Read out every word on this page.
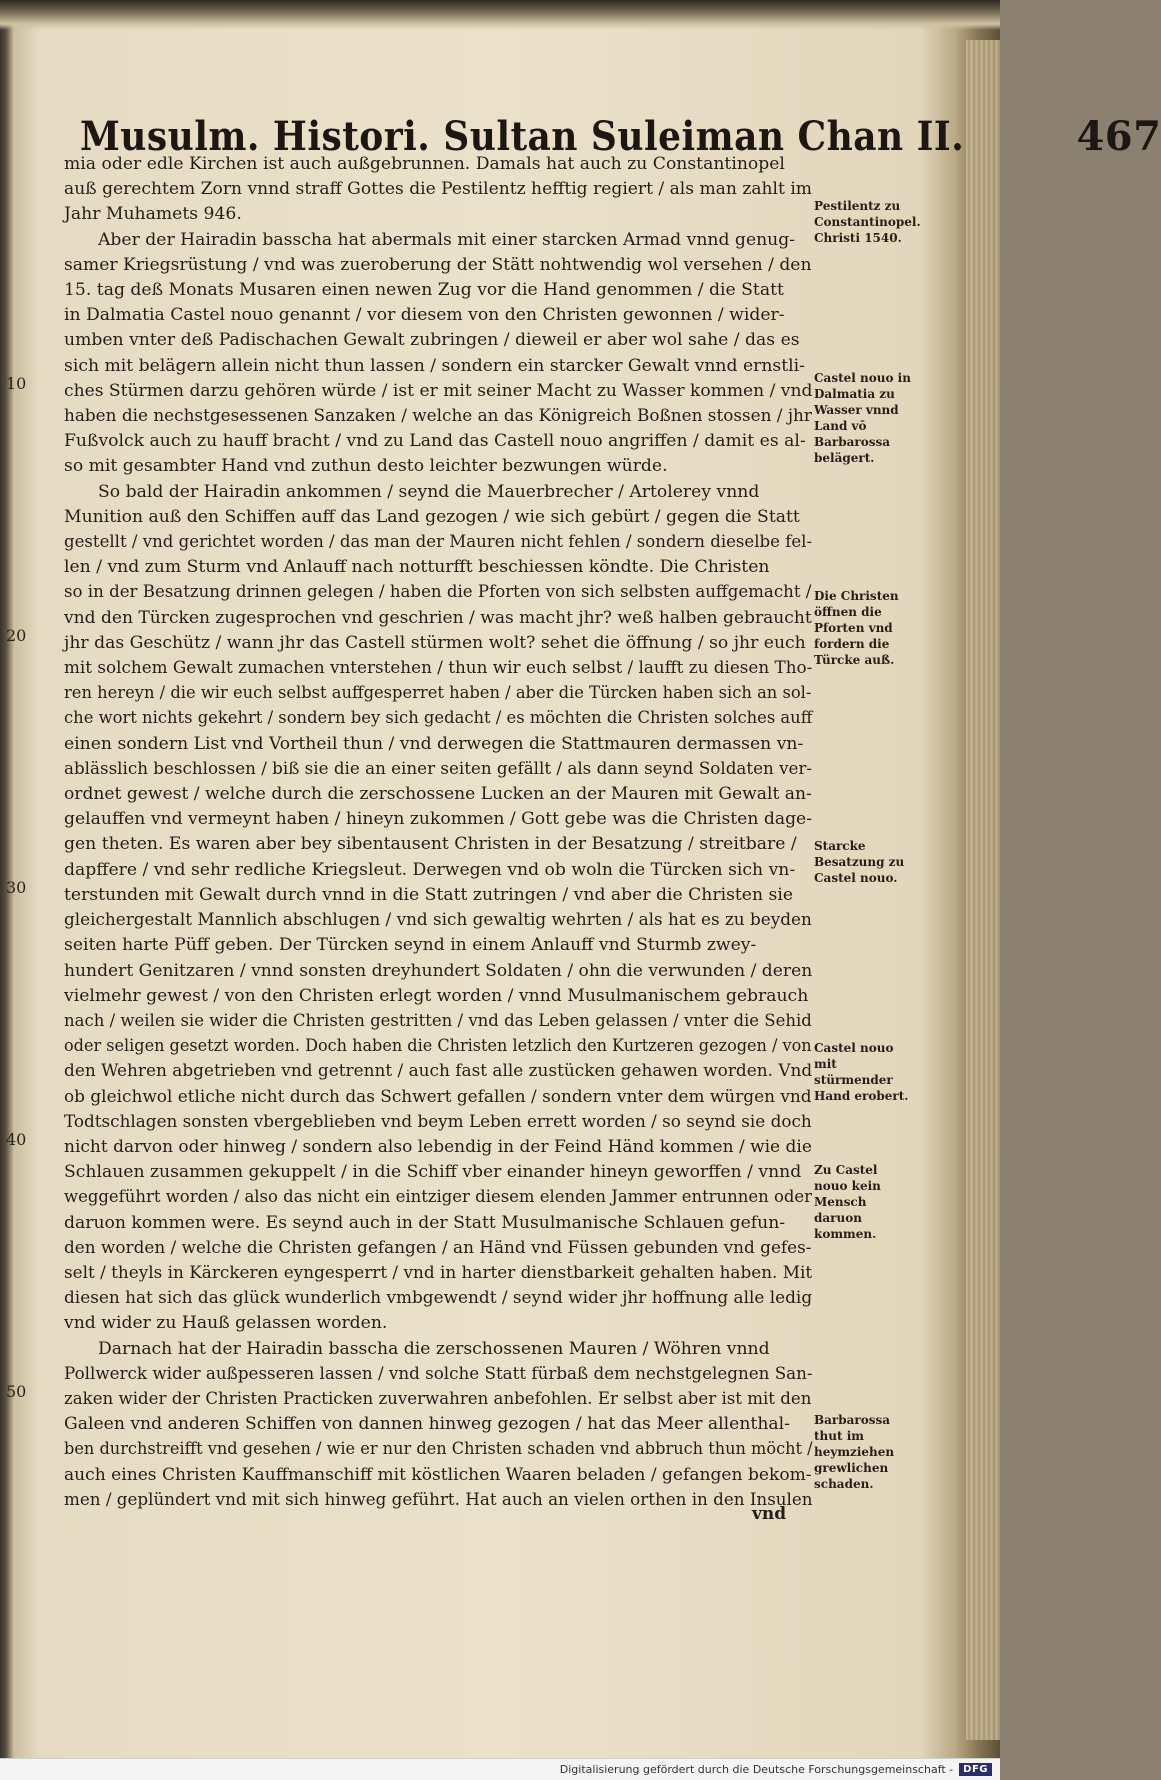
Musulm. Histori. Sultan Suleiman Chan II.	467
10
20
30
40
50
mia oder edle Kirchen ist auch außgebrunnen. Damals hat auch zu Constantinopel
auß gerechtem Zorn vnnd straff Gottes die Pestilentz hefftig regiert / als man zahlt im
Jahr Muhamets 946.
Aber der Hairadin basscha hat abermals mit einer starcken Armad vnnd genug-
samer Kriegsrüstung / vnd was zueroberung der Stätt nohtwendig wol versehen / den
15. tag deß Monats Musaren einen newen Zug vor die Hand genommen / die Statt
in Dalmatia Castel nouo genannt / vor diesem von den Christen gewonnen / wider-
umben vnter deß Padischachen Gewalt zubringen / dieweil er aber wol sahe / das es
sich mit belägern allein nicht thun lassen / sondern ein starcker Gewalt vnnd ernstli-
ches Stürmen darzu gehören würde / ist er mit seiner Macht zu Wasser kommen / vnd
haben die nechstgesessenen Sanzaken / welche an das Königreich Boßnen stossen / jhr
Fußvolck auch zu hauff bracht / vnd zu Land das Castell nouo angriffen / damit es al-
so mit gesambter Hand vnd zuthun desto leichter bezwungen würde.
So bald der Hairadin ankommen / seynd die Mauerbrecher / Artolerey vnnd
Munition auß den Schiffen auff das Land gezogen / wie sich gebürt / gegen die Statt
gestellt / vnd gerichtet worden / das man der Mauren nicht fehlen / sondern dieselbe fel-
len / vnd zum Sturm vnd Anlauff nach notturfft beschiessen köndte. Die Christen
so in der Besatzung drinnen gelegen / haben die Pforten von sich selbsten auffgemacht /
vnd den Türcken zugesprochen vnd geschrien / was macht jhr? weß halben gebraucht
jhr das Geschütz / wann jhr das Castell stürmen wolt? sehet die öffnung / so jhr euch
mit solchem Gewalt zumachen vnterstehen / thun wir euch selbst / laufft zu diesen Tho-
ren hereyn / die wir euch selbst auffgesperret haben / aber die Türcken haben sich an sol-
che wort nichts gekehrt / sondern bey sich gedacht / es möchten die Christen solches auff
einen sondern List vnd Vortheil thun / vnd derwegen die Stattmauren dermassen vn-
ablässlich beschlossen / biß sie die an einer seiten gefällt / als dann seynd Soldaten ver-
ordnet gewest / welche durch die zerschossene Lucken an der Mauren mit Gewalt an-
gelauffen vnd vermeynt haben / hineyn zukommen / Gott gebe was die Christen dage-
gen theten. Es waren aber bey sibentausent Christen in der Besatzung / streitbare /
dapffere / vnd sehr redliche Kriegsleut. Derwegen vnd ob woln die Türcken sich vn-
terstunden mit Gewalt durch vnnd in die Statt zutringen / vnd aber die Christen sie
gleichergestalt Mannlich abschlugen / vnd sich gewaltig wehrten / als hat es zu beyden
seiten harte Püff geben. Der Türcken seynd in einem Anlauff vnd Sturmb zwey-
hundert Genitzaren / vnnd sonsten dreyhundert Soldaten / ohn die verwunden / deren
vielmehr gewest / von den Christen erlegt worden / vnnd Musulmanischem gebrauch
nach / weilen sie wider die Christen gestritten / vnd das Leben gelassen / vnter die Sehid
oder seligen gesetzt worden. Doch haben die Christen letzlich den Kurtzeren gezogen / von
den Wehren abgetrieben vnd getrennt / auch fast alle zustücken gehawen worden. Vnd
ob gleichwol etliche nicht durch das Schwert gefallen / sondern vnter dem würgen vnd
Todtschlagen sonsten vbergeblieben vnd beym Leben errett worden / so seynd sie doch
nicht darvon oder hinweg / sondern also lebendig in der Feind Händ kommen / wie die
Schlauen zusammen gekuppelt / in die Schiff vber einander hineyn geworffen / vnnd
weggeführt worden / also das nicht ein eintziger diesem elenden Jammer entrunnen oder
daruon kommen were. Es seynd auch in der Statt Musulmanische Schlauen gefun-
den worden / welche die Christen gefangen / an Händ vnd Füssen gebunden vnd gefes-
selt / theyls in Kärckeren eyngesperrt / vnd in harter dienstbarkeit gehalten haben. Mit
diesen hat sich das glück wunderlich vmbgewendt / seynd wider jhr hoffnung alle ledig
vnd wider zu Hauß gelassen worden.
Darnach hat der Hairadin basscha die zerschossenen Mauren / Wöhren vnnd
Pollwerck wider außpesseren lassen / vnd solche Statt fürbaß dem nechstgelegnen San-
zaken wider der Christen Practicken zuverwahren anbefohlen. Er selbst aber ist mit den
Galeen vnd anderen Schiffen von dannen hinweg gezogen / hat das Meer allenthal-
ben durchstreifft vnd gesehen / wie er nur den Christen schaden vnd abbruch thun möcht /
auch eines Christen Kauffmanschiff mit köstlichen Waaren beladen / gefangen bekom-
men / geplündert vnd mit sich hinweg geführt. Hat auch an vielen orthen in den Insulen
Pestilentz zu Constantinopel. Christi 1540.
Castel nouo in Dalmatia zu Wasser vnnd Land vō Barbarossa belägert.
Die Christen öffnen die Pforten vnd fordern die Türcke auß.
Starcke Besatzung zu Castel nouo.
Castel nouo mit stürmender Hand erobert.
Zu Castel nouo kein Mensch daruon kommen.
Barbarossa thut im heymziehen grewlichen schaden.
vnd
Digitalisierung gefördert durch die Deutsche Forschungsgemeinschaft -	DFG
